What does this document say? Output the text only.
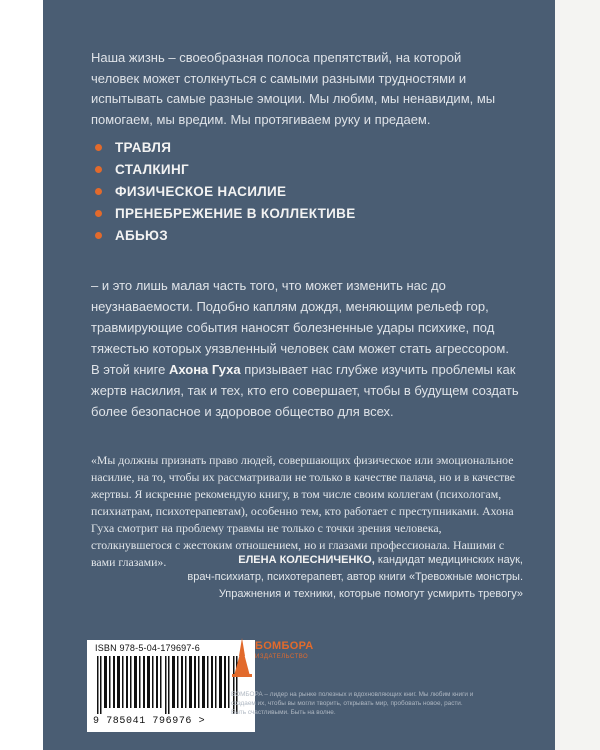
Наша жизнь – своеобразная полоса препятствий, на которой человек может столкнуться с самыми разными трудностями и испытывать самые разные эмоции. Мы любим, мы ненавидим, мы помогаем, мы вредим. Мы протягиваем руку и предаем.

ТРАВЛЯ
СТАЛКИНГ
ФИЗИЧЕСКОЕ НАСИЛИЕ
ПРЕНЕБРЕЖЕНИЕ В КОЛЛЕКТИВЕ
АБЬЮЗ

– и это лишь малая часть того, что может изменить нас до неузнаваемости. Подобно каплям дождя, меняющим рельеф гор, травмирующие события наносят болезненные удары психике, под тяжестью которых уязвленный человек сам может стать агрессором. В этой книге Ахона Гуха призывает нас глубже изучить проблемы как жертв насилия, так и тех, кто его совершает, чтобы в будущем создать более безопасное и здоровое общество для всех.

«Мы должны признать право людей, совершающих физическое или эмоциональное насилие, на то, чтобы их рассматривали не только в качестве палача, но и в качестве жертвы. Я искренне рекомендую книгу, в том числе своим коллегам (психологам, психиатрам, психотерапевтам), особенно тем, кто работает с преступниками. Ахона Гуха смотрит на проблему травмы не только с точки зрения человека, столкнувшегося с жестоким отношением, но и глазами профессионала. Нашими с вами глазами».	ЕЛЕНА КОЛЕСНИЧЕНКО, кандидат медицинских наук,
врач-психиатр, психотерапевт, автор книги «Тревожные монстры.
Упражнения и техники, которые помогут усмирить тревогу»
ISBN 978-5-04-179697-6
9 785041 796976 >
БОМБОРА
ИЗДАТЕЛЬСТВО
БОМБОРА – лидер на рынке полезных и вдохновляющих книг. Мы любим книги и создаем их, чтобы вы могли творить, открывать мир, пробовать новое, расти. Быть счастливыми. Быть на волне.
